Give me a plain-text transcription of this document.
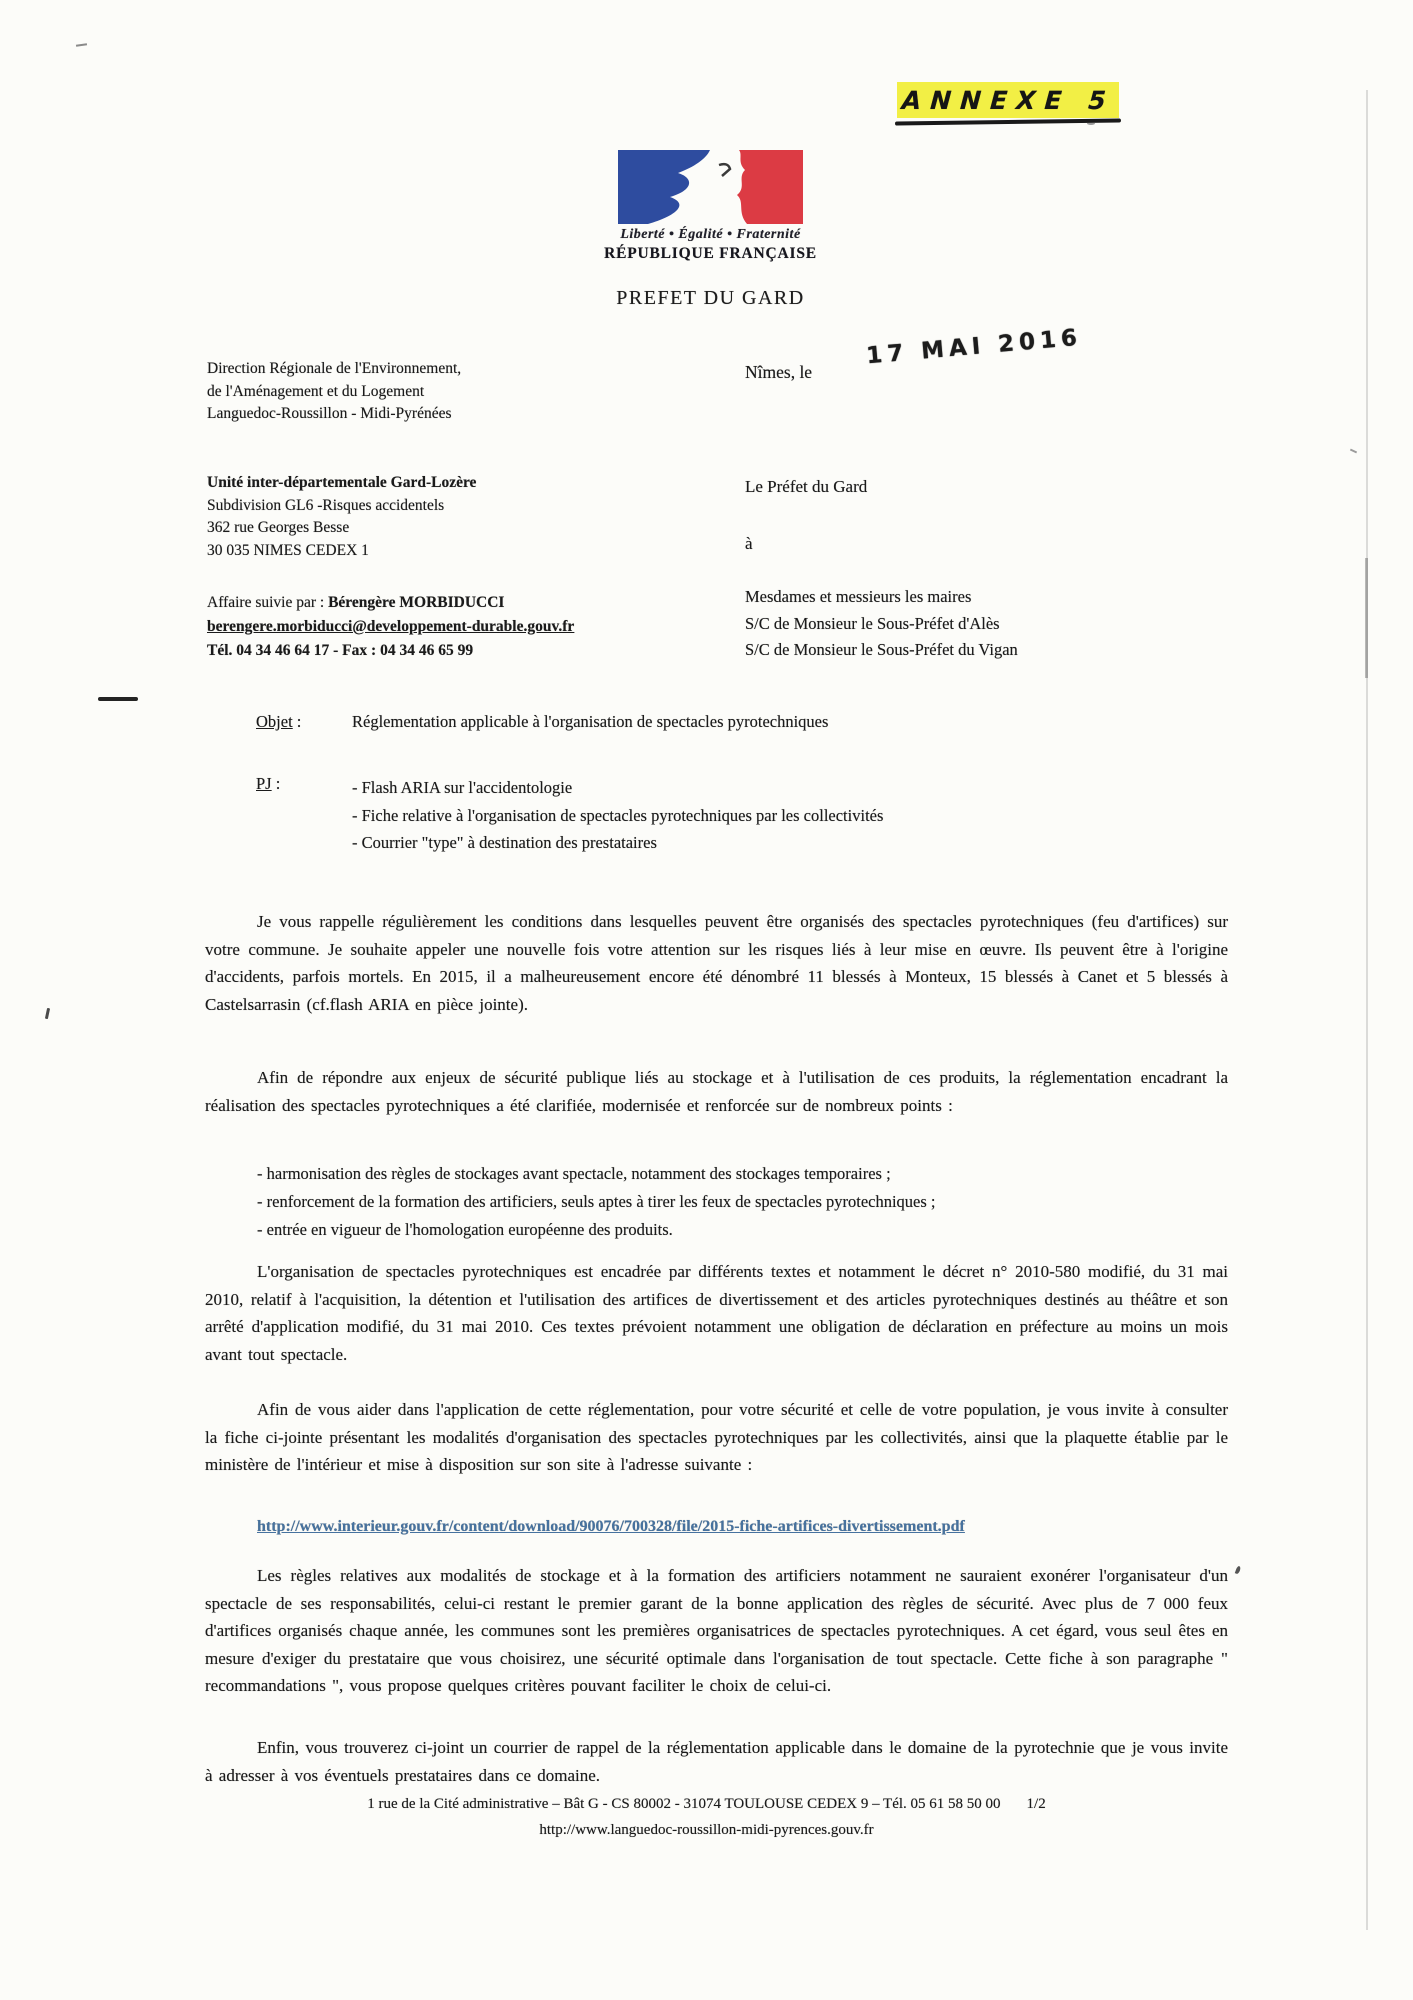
ANNEXE 5
Liberté • Égalité • Fraternité
RÉPUBLIQUE FRANÇAISE
PREFET DU GARD
Direction Régionale de l'Environnement,
de l'Aménagement et du Logement
Languedoc-Roussillon - Midi-Pyrénées
Unité inter-départementale Gard-Lozère
Subdivision GL6 -Risques accidentels
362 rue Georges Besse
30 035 NIMES CEDEX 1
Affaire suivie par : Bérengère MORBIDUCCI
berengere.morbiducci@developpement-durable.gouv.fr
Tél. 04 34 46 64 17 - Fax : 04 34 46 65 99
Nîmes, le
17 MAI 2016
Le Préfet du Gard
à
Mesdames et messieurs les maires
S/C de Monsieur le Sous-Préfet d'Alès
S/C de Monsieur le Sous-Préfet du Vigan
Objet :	Réglementation applicable à l'organisation de spectacles pyrotechniques
PJ :	- Flash ARIA sur l'accidentologie
- Fiche relative à l'organisation de spectacles pyrotechniques par les collectivités
- Courrier "type" à destination des prestataires
Je vous rappelle régulièrement les conditions dans lesquelles peuvent être organisés des spectacles pyrotechniques (feu d'artifices) sur votre commune. Je souhaite appeler une nouvelle fois votre attention sur les risques liés à leur mise en œuvre. Ils peuvent être à l'origine d'accidents, parfois mortels. En 2015, il a malheureusement encore été dénombré 11 blessés à Monteux, 15 blessés à Canet et 5 blessés à Castelsarrasin (cf.flash ARIA en pièce jointe).
Afin de répondre aux enjeux de sécurité publique liés au stockage et à l'utilisation de ces produits, la réglementation encadrant la réalisation des spectacles pyrotechniques a été clarifiée, modernisée et renforcée sur de nombreux points :
- harmonisation des règles de stockages avant spectacle, notamment des stockages temporaires ;
- renforcement de la formation des artificiers, seuls aptes à tirer les feux de spectacles pyrotechniques ;
- entrée en vigueur de l'homologation européenne des produits.
L'organisation de spectacles pyrotechniques est encadrée par différents textes et notamment le décret n° 2010-580 modifié, du 31 mai 2010, relatif à l'acquisition, la détention et l'utilisation des artifices de divertissement et des articles pyrotechniques destinés au théâtre et son arrêté d'application modifié, du 31 mai 2010. Ces textes prévoient notamment une obligation de déclaration en préfecture au moins un mois avant tout spectacle.
Afin de vous aider dans l'application de cette réglementation, pour votre sécurité et celle de votre population, je vous invite à consulter la fiche ci-jointe présentant les modalités d'organisation des spectacles pyrotechniques par les collectivités, ainsi que la plaquette établie par le ministère de l'intérieur et mise à disposition sur son site à l'adresse suivante :
http://www.interieur.gouv.fr/content/download/90076/700328/file/2015-fiche-artifices-divertissement.pdf
Les règles relatives aux modalités de stockage et à la formation des artificiers notamment ne sauraient exonérer l'organisateur d'un spectacle de ses responsabilités, celui-ci restant le premier garant de la bonne application des règles de sécurité. Avec plus de 7 000 feux d'artifices organisés chaque année, les communes sont les premières organisatrices de spectacles pyrotechniques. A cet égard, vous seul êtes en mesure d'exiger du prestataire que vous choisirez, une sécurité optimale dans l'organisation de tout spectacle. Cette fiche à son paragraphe " recommandations ", vous propose quelques critères pouvant faciliter le choix de celui-ci.
Enfin, vous trouverez ci-joint un courrier de rappel de la réglementation applicable dans le domaine de la pyrotechnie que je vous invite à adresser à vos éventuels prestataires dans ce domaine.
1 rue de la Cité administrative – Bât G - CS 80002 - 31074 TOULOUSE CEDEX 9 – Tél. 05 61 58 50 00 1/2
http://www.languedoc-roussillon-midi-pyrences.gouv.fr
